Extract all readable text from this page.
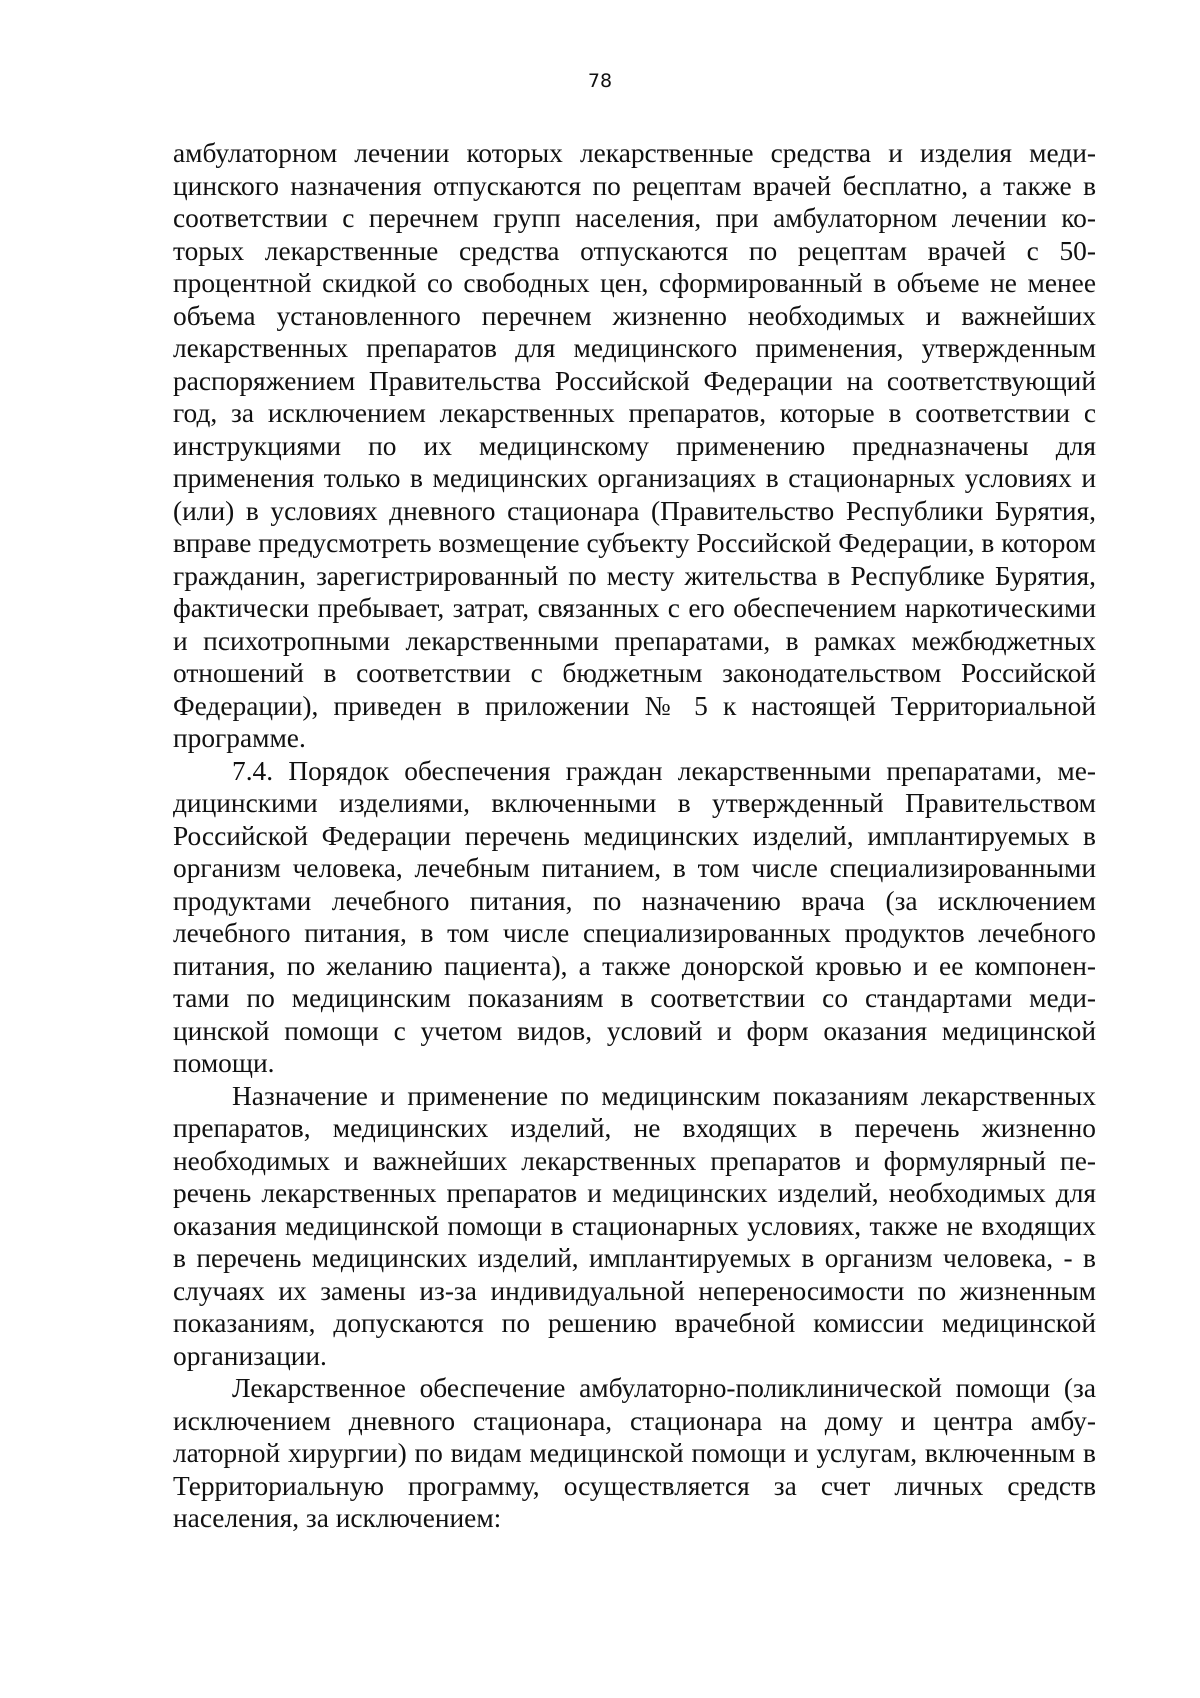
78

амбулаторном лечении которых лекарственные средства и изделия медицинского назначения отпускаются по рецептам врачей бесплатно, а также в соответствии с перечнем групп населения, при амбулаторном лечении которых лекарственные средства отпускаются по рецептам врачей с 50-процентной скидкой со свободных цен, сформированный в объеме не менее объема установленного перечнем жизненно необходимых и важнейших лекарственных препаратов для медицинского применения, утвержденным распоряжением Правительства Российской Федерации на соответствующий год, за исключением лекарственных препаратов, которые в соответствии с инструкциями по их медицинскому применению предназначены для применения только в медицинских организациях в стационарных условиях и (или) в условиях дневного стационара (Правительство Республики Бурятия, вправе предусмотреть возмещение субъекту Российской Федерации, в котором гражданин, зарегистрированный по месту жительства в Республике Бурятия, фактически пребывает, затрат, связанных с его обеспечением наркотическими и психотропными лекарственными препаратами, в рамках межбюджетных отношений в соответствии с бюджетным законодательством Российской Федерации), приведен в приложении № 5 к настоящей Территориальной программе.

7.4. Порядок обеспечения граждан лекарственными препаратами, медицинскими изделиями, включенными в утвержденный Правительством Российской Федерации перечень медицинских изделий, имплантируемых в организм человека, лечебным питанием, в том числе специализированными продуктами лечебного питания, по назначению врача (за исключением лечебного питания, в том числе специализированных продуктов лечебного питания, по желанию пациента), а также донорской кровью и ее компонентами по медицинским показаниям в соответствии со стандартами медицинской помощи с учетом видов, условий и форм оказания медицинской помощи.

Назначение и применение по медицинским показаниям лекарственных препаратов, медицинских изделий, не входящих в перечень жизненно необходимых и важнейших лекарственных препаратов и формулярный перечень лекарственных препаратов и медицинских изделий, необходимых для оказания медицинской помощи в стационарных условиях, также не входящих в перечень медицинских изделий, имплантируемых в организм человека, - в случаях их замены из-за индивидуальной непереносимости по жизненным показаниям, допускаются по решению врачебной комиссии медицинской организации.

Лекарственное обеспечение амбулаторно-поликлинической помощи (за исключением дневного стационара, стационара на дому и центра амбулаторной хирургии) по видам медицинской помощи и услугам, включенным в Территориальную программу, осуществляется за счет личных средств населения, за исключением:
